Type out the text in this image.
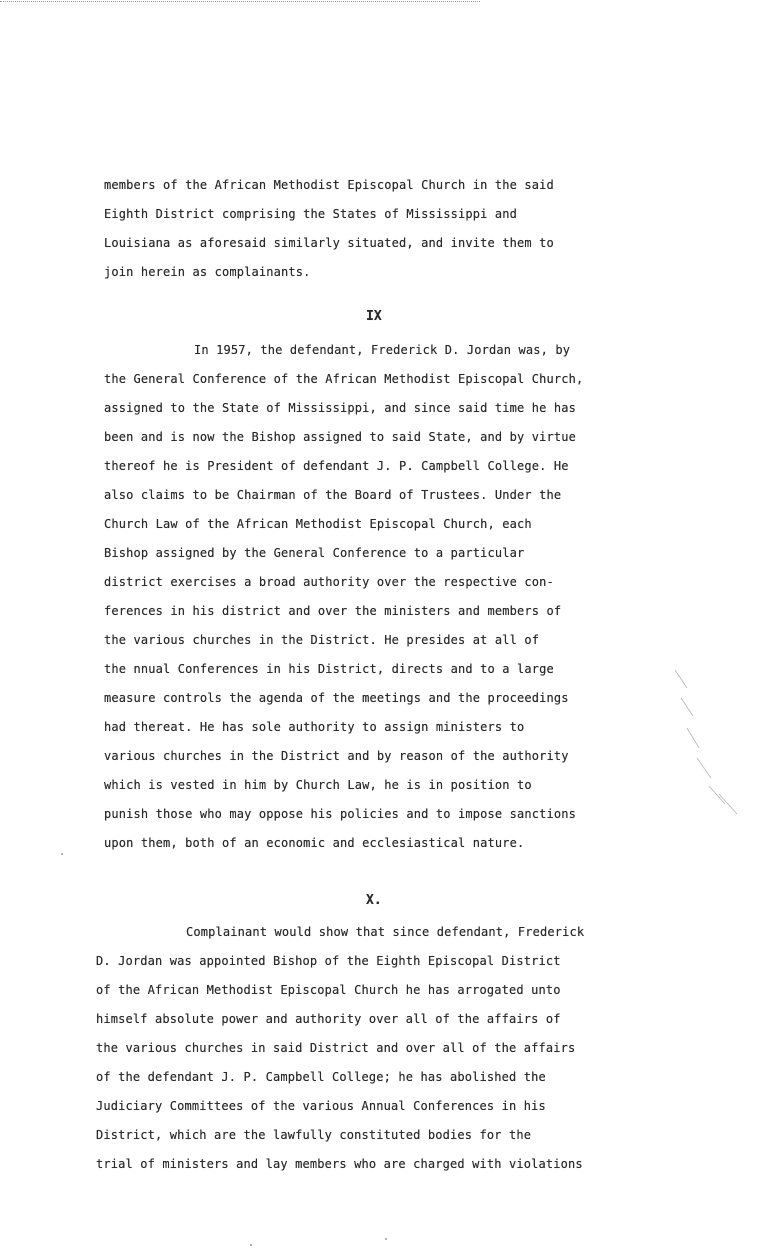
members of the African Methodist Episcopal Church in the said
Eighth District comprising the States of Mississippi and
Louisiana as aforesaid similarly situated, and invite them to
join herein as complainants.
IX
In 1957, the defendant, Frederick D. Jordan was, by
the General Conference of the African Methodist Episcopal Church,
assigned to the State of Mississippi, and since said time he has
been and is now the Bishop assigned to said State, and by virtue
thereof he is President of defendant J. P. Campbell College. He
also claims to be Chairman of the Board of Trustees. Under the
Church Law of the African Methodist Episcopal Church, each
Bishop assigned by the General Conference to a particular
district exercises a broad authority over the respective con-
ferences in his district and over the ministers and members of
the various churches in the District. He presides at all of
the nnual Conferences in his District, directs and to a large
measure controls the agenda of the meetings and the proceedings
had thereat. He has sole authority to assign ministers to
various churches in the District and by reason of the authority
which is vested in him by Church Law, he is in position to
punish those who may oppose his policies and to impose sanctions
upon them, both of an economic and ecclesiastical nature.
X.
Complainant would show that since defendant, Frederick
D. Jordan was appointed Bishop of the Eighth Episcopal District
of the African Methodist Episcopal Church he has arrogated unto
himself absolute power and authority over all of the affairs of
the various churches in said District and over all of the affairs
of the defendant J. P. Campbell College; he has abolished the
Judiciary Committees of the various Annual Conferences in his
District, which are the lawfully constituted bodies for the
trial of ministers and lay members who are charged with violations
